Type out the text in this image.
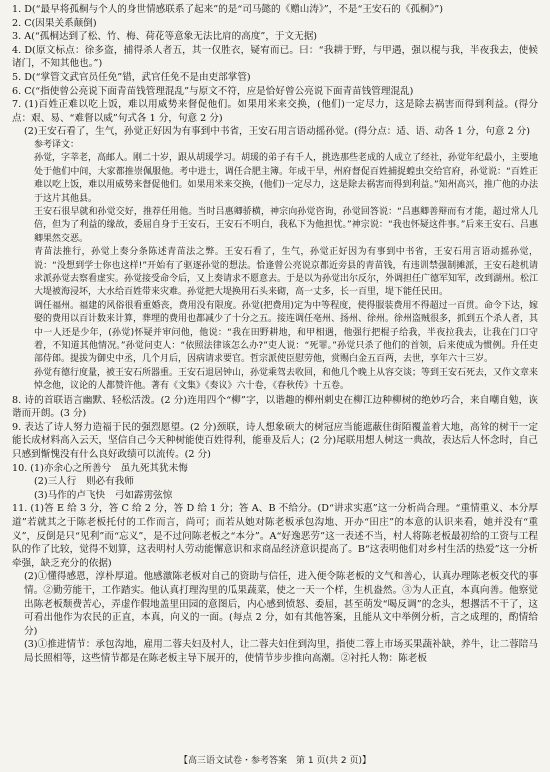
1. D(“最早将孤桐与个人的身世情感联系了起来”的是“司马懿的《赠山涛》”，不是“王安石的《孤桐》”)
2. C(因果关系颠倒)
3. A(“孤桐达到了松、竹、梅、荷花等意象无法比肩的高度”，于文无据)
4. D(原文标点：徐多盗，捕得杀人者五，其一仅胜衣，疑宥而已。曰：“我耕于野，与甲遇，强以棍与我，半夜我去，使候诸门，不知其他也。”)
5. D(“掌管文武官员任免”错，武官任免不是由吏部掌管)
6. C(“指使曾公亮说下面青苗钱管理混乱”与原文不符，应是恰好曾公亮说下面青苗钱管理混乱)
7. (1)百姓正难以吃上饭，难以用威势来督促他们。如果用米来交换，(他们)一定尽力，这是除去祸害而得到利益。(得分点：艰、易、“难督以威”句式各 1 分，句意 2 分)
(2)王安石看了，生气，孙觉正好因为有事到中书省，王安石用言语动摇孙觉。(得分点：适、语、动各 1 分，句意 2 分)
参考译文：
孙觉，字莘老，高邮人。刚二十岁，跟从胡瑗学习。胡瑗的弟子有千人，挑选那些老成的人成立了经社，孙觉年纪最小，主要地处于他们中间，大家都推崇佩服他。考中进士，调任合肥主簿。年成干旱，州府督促百姓捕捉蝗虫交给官府，孙觉说：“百姓正难以吃上饭，难以用威势来督促他们。如果用米来交换，(他们)一定尽力，这是除去祸害而得到利益。”知州高兴，推广他的办法于这片其他县。
王安石很早就和孙觉交好，推荐任用他。当时吕惠卿骄横，神宗向孙觉咨询，孙觉回答说：“吕惠卿善辩而有才能，超过常人几倍，但为了利益的缘故，委屈自身于王安石，王安石不明白，我私下为他担忧。”神宗说：“我也怀疑这件事。”后来王安石、吕惠卿果然交恶。
青苗法推行，孙觉上奏分条陈述青苗法之弊。王安石看了，生气，孙觉正好因为有事到中书省，王安石用言语动摇孙觉，说：“没想到学士你也这样!”开始有了驱逐孙觉的想法。恰逢曾公亮说京都近旁县的青苗钱，有违训禁强制摊派，王安石趁机请求派孙觉去察看虚实。孙觉接受命令后，又上奏请求不愿意去。于是以为孙觉出尔反尔，外调担任广德军知军，改到湖州。松江大堤被海浸坏，大水给百姓带来灾难。孙觉把大堤换用石头来砌，高一丈多，长一百里，堤下能任民田。
调任福州。福建的风俗很看重婚丧，费用没有限度。孙觉(把费用)定为中等程度，使得服装费用不得超过一百贯。命令下达，嫁娶的费用以百计数来计算，葬埋的费用也都减少了十分之五。接连调任亳州、扬州、徐州。徐州盗贼很多，抓到五个杀人者，其中一人还是少年，(孙觉)怀疑并审问他，他说：“我在田野耕地，和甲相遇，他强行把棍子给我，半夜拉我去，让我在门口守着，不知道其他情况。”孙觉问吏人：“依照法律该怎么办?”吏人说：“死罪。”孙觉只杀了他们的首领，后来使成为惯例。升任吏部侍郎。提拔为御史中丞，几个月后，因病请求要官。哲宗派使臣慰劳他，赏赐白金五百两，去世，享年六十三岁。
孙觉有德行度量，被王安石所器重。王安石退居钟山，孙觉乘驾去收回，和他几个晚上从容交谈；等到王安石死去，又作文章来悼念他，议论的人都赞许他。著有《文集》《奏议》六十卷，《春秋传》十五卷。
8. 诗的首联语言幽默、轻松活泼。(2 分)连用四个“柳”字，以谐趣的柳州刺史在柳江边种柳树的绝妙巧合，来自嘲自勉，诙谐而开朗。(3 分)
9. 表达了诗人努力造福于民的强烈愿望。(2 分)颈联，诗人想象硕大的树冠应当能遮蔽住街陌覆盖着大地，高耸的树干一定能长成材料高入云天，坚信自己今天种树能使百姓得利，能垂及后人；(2 分)尾联用想人树这一典故，表达后人怀念时，自己只感到惭愧没有什么良好政绩可以流传。(2 分)
10. (1)亦余心之所善兮　虽九死其犹未悔
(2)三人行　则必有我师
(3)马作的卢飞快　弓如霹雳弦惊
11. (1)答 E 给 3 分，答 C 给 2 分，答 D 给 1 分；答 A、B 不给分。(D“讲求实惠”这一分析尚合理。“重情重义、本分厚道”若就其之于陈老板托付的工作而言，尚可；而若从她对陈老板承包沟地、开办“田庄”的本意的认识来看，她并没有“重义”，反倒是只“见利”而“忘义”，是不过问陈老板之“本分”。A“好逸恶劳”这一表述不当，村人将陈老板最初给的工资与工程队的作了比较，觉得不划算，这表明村人劳动能懈意识和求商品经济意识提高了。B“这表明他们对乡村生活的热爱”这一分析牵强，缺乏充分的依据)
(2)①懂得感恩，淳朴厚道。他感激陈老板对自己的资助与信任，进入便令陈老板的文气和善心，认真办理陈老板交代的事情。②勤劳能干，工作踏实。他认真打理沟里的瓜果蔬菜，使之一天一个样，生机盎然。③为人正直，本真向善。他察觉出陈老板颓费苦心，弄虚作假地盖里田园的意图后，内心感到愤怒、委屈，甚至萌发“喝反调”的念头，想撂活不干了，这可看出他作为农民的正直，本真，向义的一面。(每点 2 分，如有其他答案，且能从文中举例分析，言之成理的，酌情给分)
(3)①推进情节：承包沟地，雇用二蓉夫妇及村人，让二蓉夫妇住到沟里，指使二蓉上市场买果蔬补缺，养牛，让二蓉陪马局长照相等，这些情节都是在陈老板主导下展开的，使情节步步推向高潮。②衬托人物：陈老板
【高三语文试卷・参考答案　第 1 页(共 2 页)】
